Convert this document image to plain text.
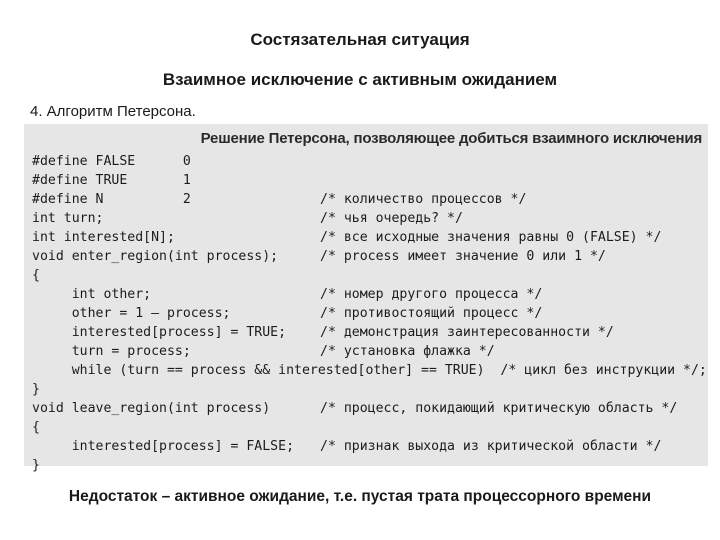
Состязательная ситуация
Взаимное исключение с активным ожиданием
4. Алгоритм Петерсона.
Решение Петерсона, позволяющее добиться взаимного исключения
#define FALSE      0
#define TRUE       1
#define N          2	/* количество процессов */
int turn;	/* чья очередь? */
int interested[N];	/* все исходные значения равны 0 (FALSE) */
void enter_region(int process);	/* process имеет значение 0 или 1 */
{
int other;	/* номер другого процесса */
other = 1 – process;	/* противостоящий процесс */
interested[process] = TRUE;	/* демонстрация заинтересованности */
turn = process;	/* установка флажка */
while (turn == process && interested[other] == TRUE)  /* цикл без инструкции */;
}
void leave_region(int process)	/* процесс, покидающий критическую область */
{
interested[process] = FALSE; /* признак выхода из критической области */
}
Недостаток – активное ожидание, т.е. пустая трата процессорного времени
